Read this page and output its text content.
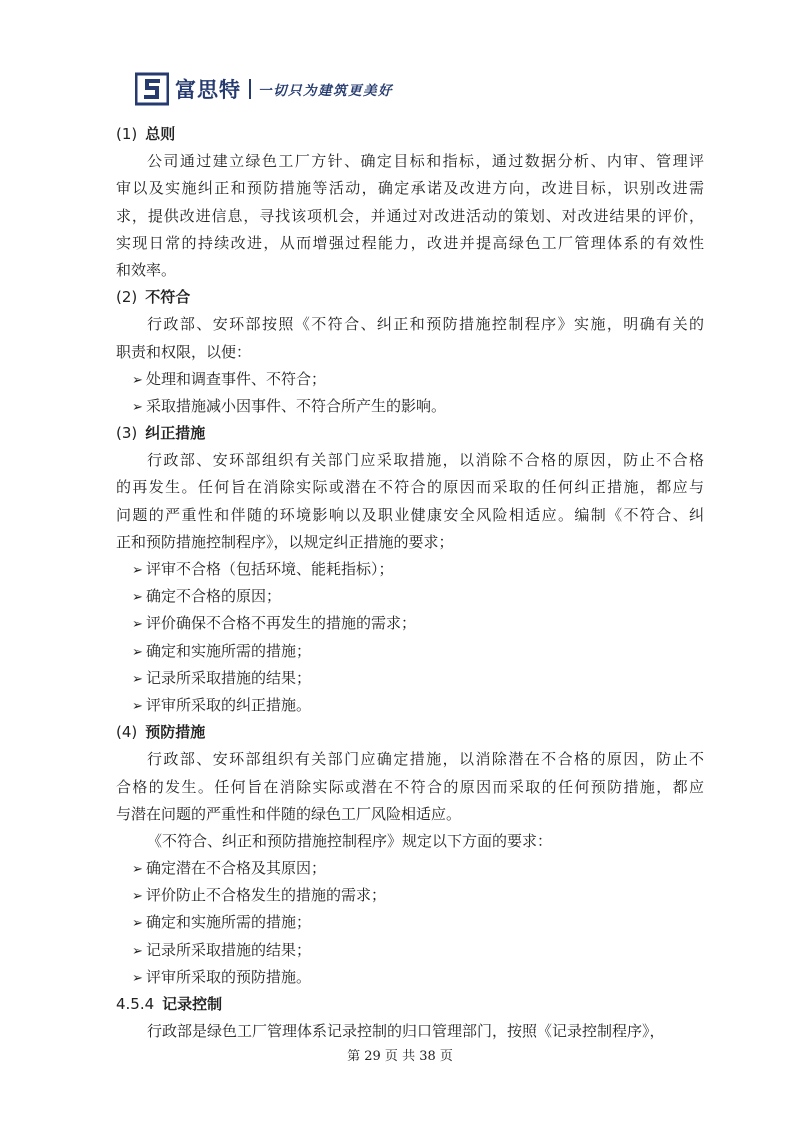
富思特 一切只为建筑更美好
(1) 总则
公司通过建立绿色工厂方针、确定目标和指标，通过数据分析、内审、管理评
审以及实施纠正和预防措施等活动，确定承诺及改进方向，改进目标，识别改进需
求，提供改进信息，寻找该项机会，并通过对改进活动的策划、对改进结果的评价，
实现日常的持续改进，从而增强过程能力，改进并提高绿色工厂管理体系的有效性
和效率。
(2) 不符合
行政部、安环部按照《不符合、纠正和预防措施控制程序》实施，明确有关的
职责和权限，以便：
➢ 处理和调查事件、不符合；
➢ 采取措施减小因事件、不符合所产生的影响。
(3) 纠正措施
行政部、安环部组织有关部门应采取措施，以消除不合格的原因，防止不合格
的再发生。任何旨在消除实际或潜在不符合的原因而采取的任何纠正措施，都应与
问题的严重性和伴随的环境影响以及职业健康安全风险相适应。编制《不符合、纠
正和预防措施控制程序》，以规定纠正措施的要求；
➢ 评审不合格（包括环境、能耗指标）；
➢ 确定不合格的原因；
➢ 评价确保不合格不再发生的措施的需求；
➢ 确定和实施所需的措施；
➢ 记录所采取措施的结果；
➢ 评审所采取的纠正措施。
(4) 预防措施
行政部、安环部组织有关部门应确定措施，以消除潜在不合格的原因，防止不
合格的发生。任何旨在消除实际或潜在不符合的原因而采取的任何预防措施，都应
与潜在问题的严重性和伴随的绿色工厂风险相适应。
《不符合、纠正和预防措施控制程序》规定以下方面的要求：
➢ 确定潜在不合格及其原因；
➢ 评价防止不合格发生的措施的需求；
➢ 确定和实施所需的措施；
➢ 记录所采取措施的结果；
➢ 评审所采取的预防措施。
4.5.4 记录控制
行政部是绿色工厂管理体系记录控制的归口管理部门，按照《记录控制程序》，
第 29 页 共 38 页
